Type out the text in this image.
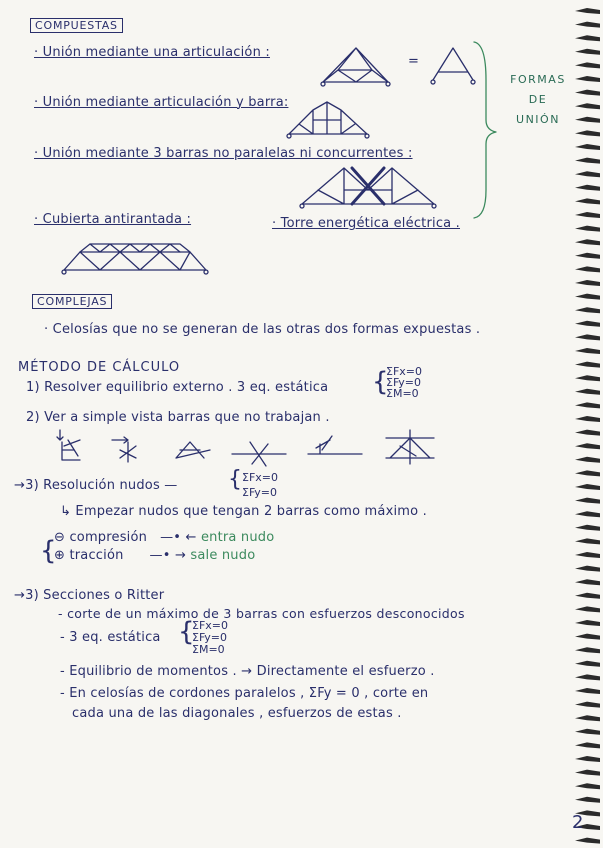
COMPUESTAS
· Unión mediante una articulación :
· Unión mediante articulación y barra:
· Unión mediante 3 barras no paralelas ni concurrentes :
· Cubierta antirantada :	· Torre energética eléctrica .
=
FORMAS
DE
UNIÓN
COMPLEJAS
· Celosías que no se generan de las otras dos formas expuestas .
MÉTODO DE CÁLCULO
1) Resolver equilibrio externo . 3 eq. estática {
ΣFx=0
ΣFy=0
ΣM=0
2) Ver a simple vista barras que no trabajan .
→3) Resolución nudos — { ΣFx=0
ΣFy=0
↳ Empezar nudos que tengan 2 barras como máximo .
{
⊖ compresión —• ← entra nudo
⊕ tracción —• → sale nudo
→3) Secciones o Ritter
- corte de un máximo de 3 barras con esfuerzos desconocidos
- 3 eq. estática {
ΣFx=0
ΣFy=0
ΣM=0
- Equilibrio de momentos . → Directamente el esfuerzo .
- En celosías de cordones paralelos , ΣFy = 0 , corte en
cada una de las diagonales , esfuerzos de estas .
2
